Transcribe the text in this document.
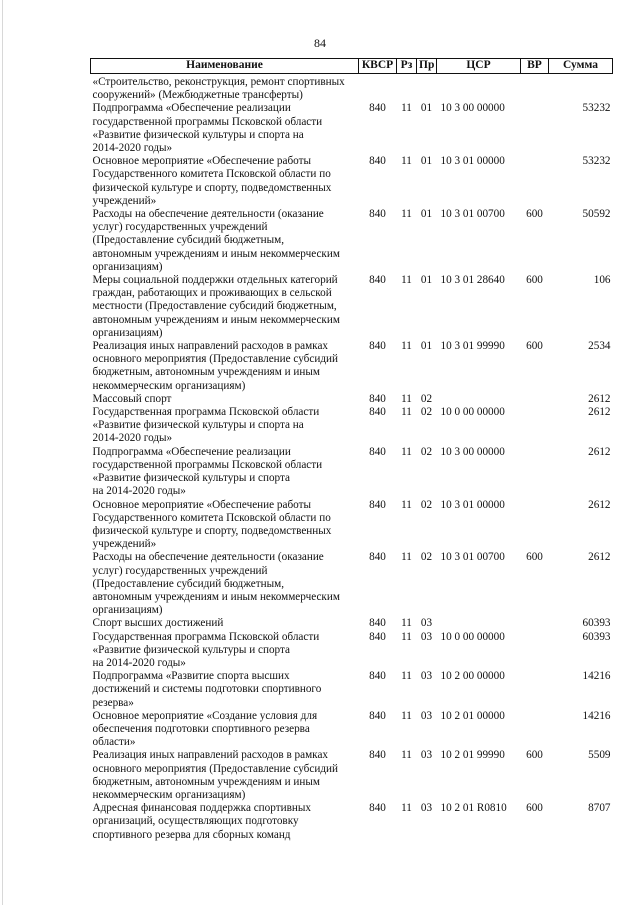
84
Наименование	КВСР	Рз	Пр	ЦСР	ВР	Сумма

«Строительство, реконструкция, ремонт спортивных
сооружений» (Межбюджетные трансферты)						

Подпрограмма «Обеспечение реализации
государственной программы Псковской области
«Развитие физической культуры и спорта на
2014-2020 годы»	840	11	01	10 3 00 00000		53232

Основное мероприятие «Обеспечение работы
Государственного комитета Псковской области по
физической культуре и спорту, подведомственных
учреждений»	840	11	01	10 3 01 00000		53232

Расходы на обеспечение деятельности (оказание
услуг) государственных учреждений
(Предоставление субсидий бюджетным,
автономным учреждениям и иным некоммерческим
организациям)	840	11	01	10 3 01 00700	600	50592

Меры социальной поддержки отдельных категорий
граждан, работающих и проживающих в сельской
местности (Предоставление субсидий бюджетным,
автономным учреждениям и иным некоммерческим
организациям)	840	11	01	10 3 01 28640	600	106

Реализация иных направлений расходов в рамках
основного мероприятия (Предоставление субсидий
бюджетным, автономным учреждениям и иным
некоммерческим организациям)	840	11	01	10 3 01 99990	600	2534

Массовый спорт	840	11	02			2612

Государственная программа Псковской области
«Развитие физической культуры и спорта на
2014-2020 годы»	840	11	02	10 0 00 00000		2612

Подпрограмма «Обеспечение реализации
государственной программы Псковской области
«Развитие физической культуры и спорта
на 2014-2020 годы»	840	11	02	10 3 00 00000		2612

Основное мероприятие «Обеспечение работы
Государственного комитета Псковской области по
физической культуре и спорту, подведомственных
учреждений»	840	11	02	10 3 01 00000		2612

Расходы на обеспечение деятельности (оказание
услуг) государственных учреждений
(Предоставление субсидий бюджетным,
автономным учреждениям и иным некоммерческим
организациям)	840	11	02	10 3 01 00700	600	2612

Спорт высших достижений	840	11	03			60393

Государственная программа Псковской области
«Развитие физической культуры и спорта
на 2014-2020 годы»	840	11	03	10 0 00 00000		60393

Подпрограмма «Развитие спорта высших
достижений и системы подготовки спортивного
резерва»	840	11	03	10 2 00 00000		14216

Основное мероприятие «Создание условия для
обеспечения подготовки спортивного резерва
области»	840	11	03	10 2 01 00000		14216

Реализация иных направлений расходов в рамках
основного мероприятия (Предоставление субсидий
бюджетным, автономным учреждениям и иным
некоммерческим организациям)	840	11	03	10 2 01 99990	600	5509

Адресная финансовая поддержка спортивных
организаций, осуществляющих подготовку
спортивного резерва для сборных команд	840	11	03	10 2 01 R0810	600	8707
